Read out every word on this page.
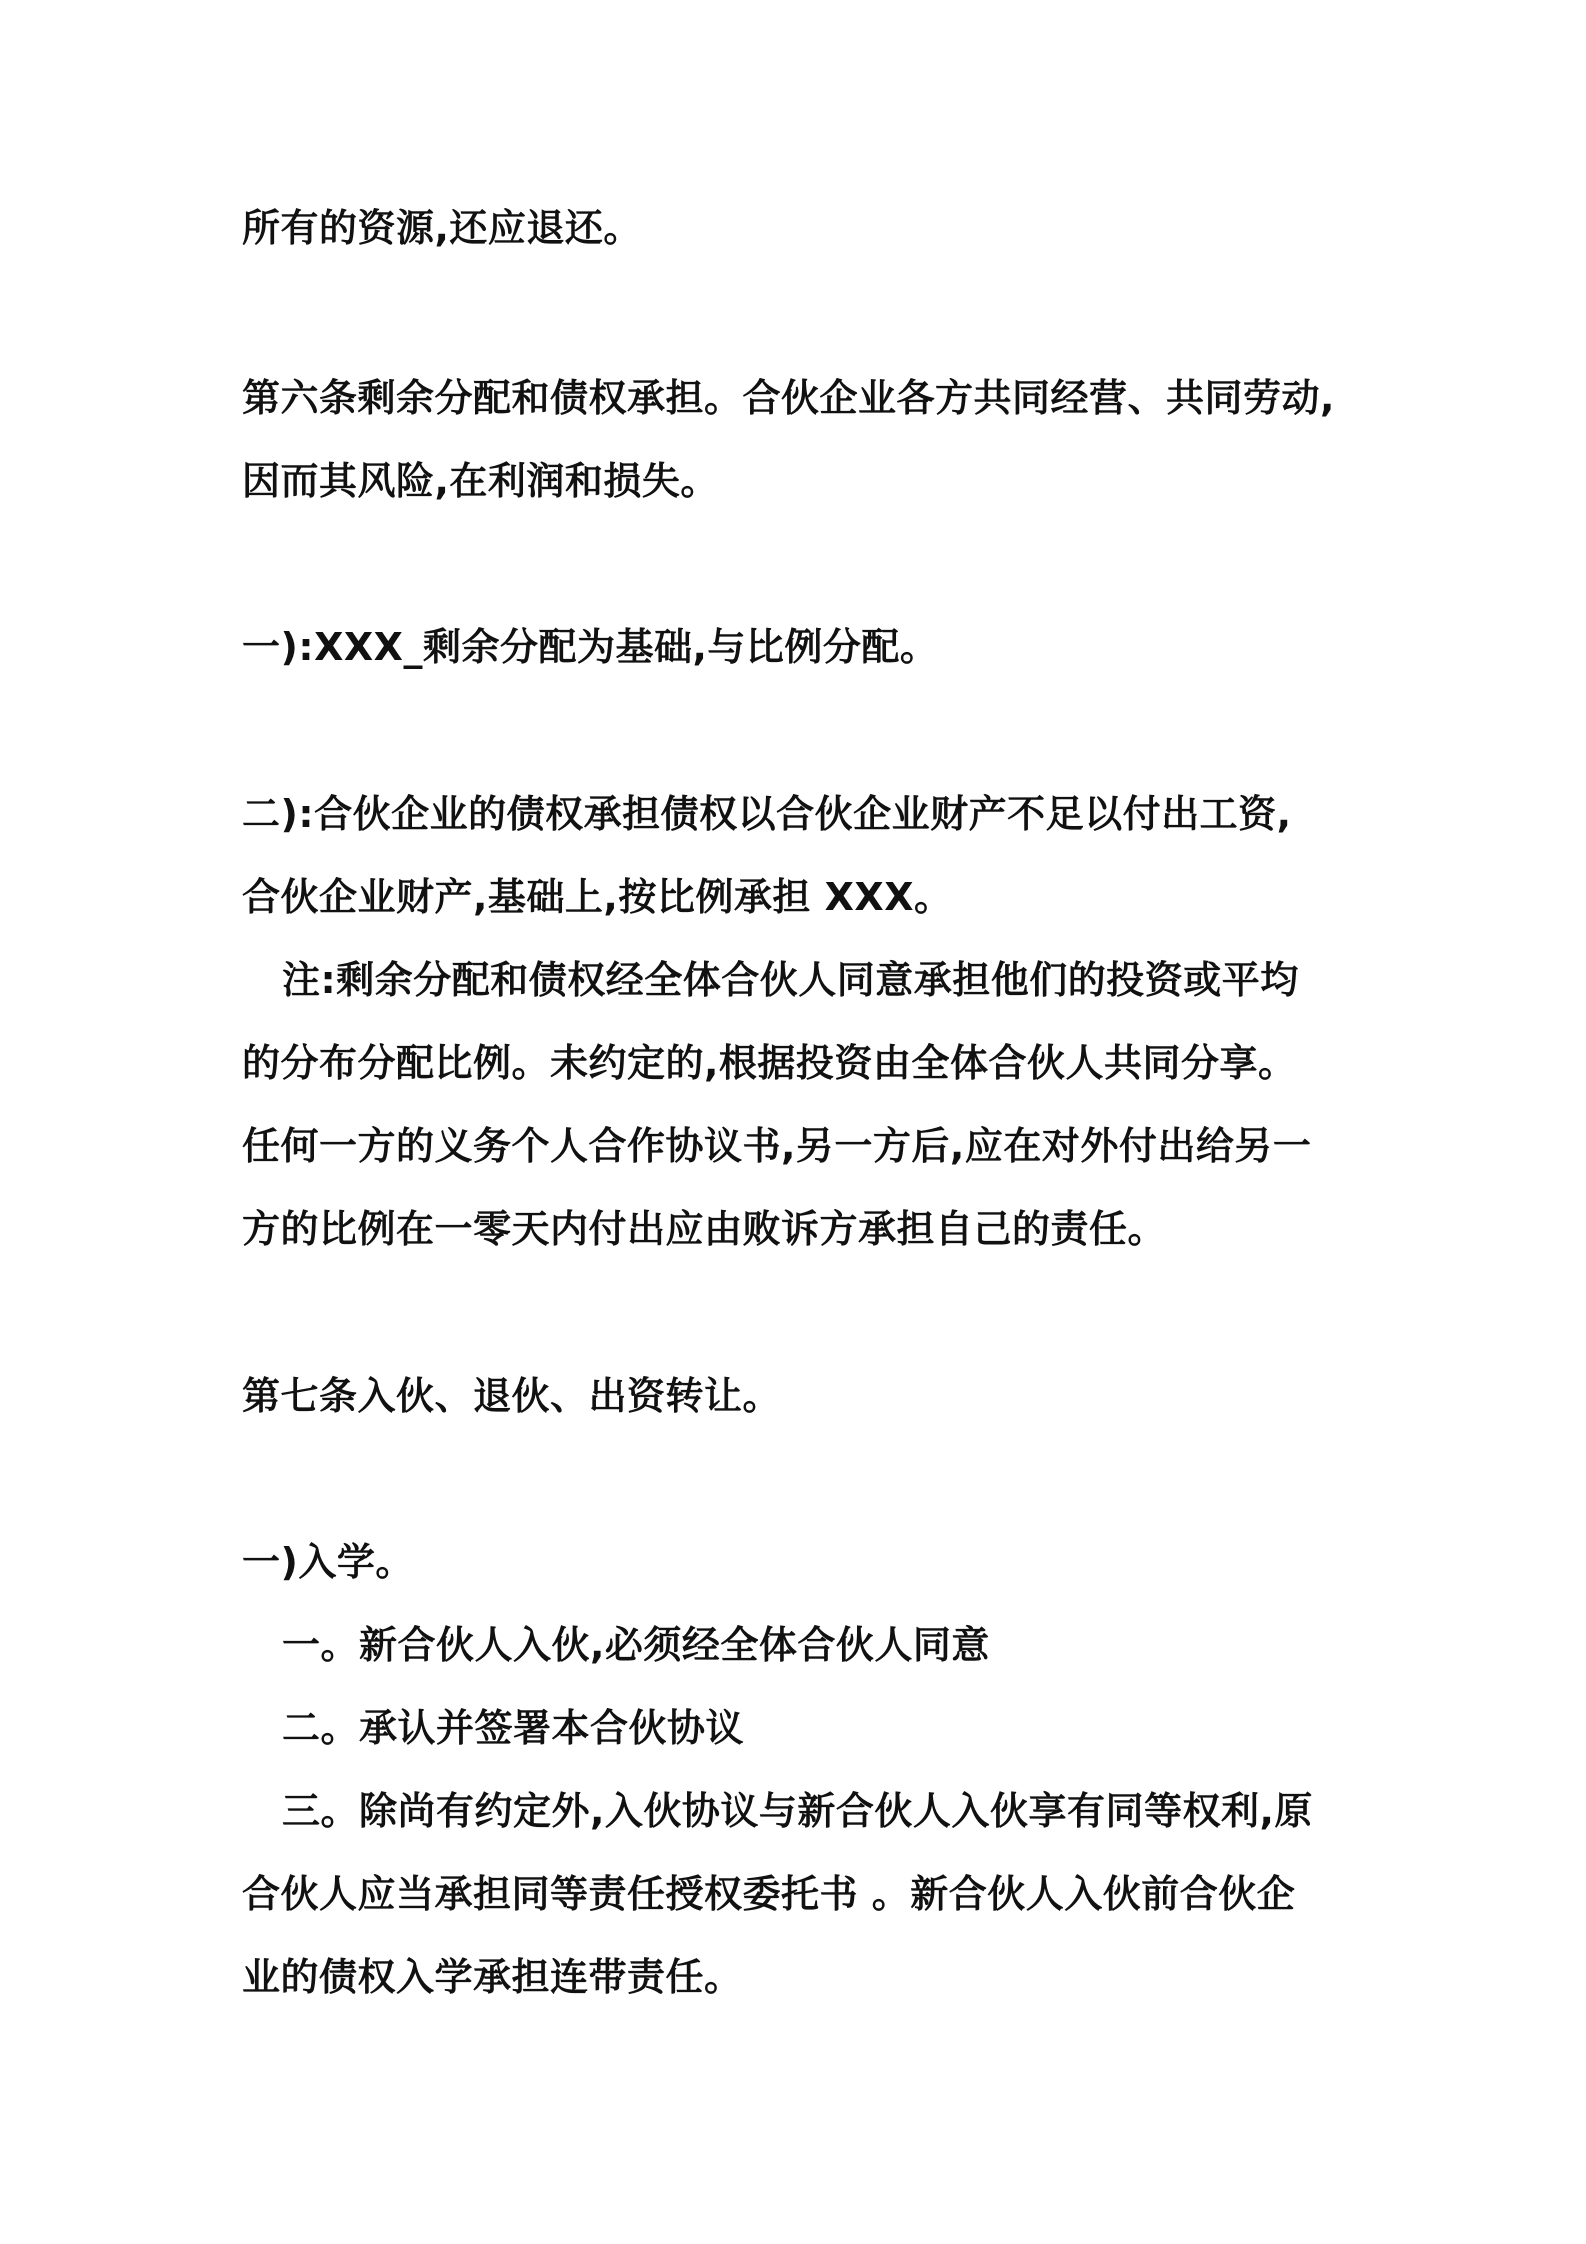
所有的资源,还应退还。
第六条剩余分配和债权承担。合伙企业各方共同经营、共同劳动,
因而其风险,在利润和损失。
一):XXX_剩余分配为基础,与比例分配。
二):合伙企业的债权承担债权以合伙企业财产不足以付出工资,
合伙企业财产,基础上,按比例承担 XXX。
注:剩余分配和债权经全体合伙人同意承担他们的投资或平均
的分布分配比例。未约定的,根据投资由全体合伙人共同分享。
任何一方的义务个人合作协议书,另一方后,应在对外付出给另一
方的比例在一零天内付出应由败诉方承担自己的责任。
第七条入伙、退伙、出资转让。
一)入学。
一。新合伙人入伙,必须经全体合伙人同意
二。承认并签署本合伙协议
三。除尚有约定外,入伙协议与新合伙人入伙享有同等权利,原
合伙人应当承担同等责任授权委托书 。新合伙人入伙前合伙企
业的债权入学承担连带责任。
